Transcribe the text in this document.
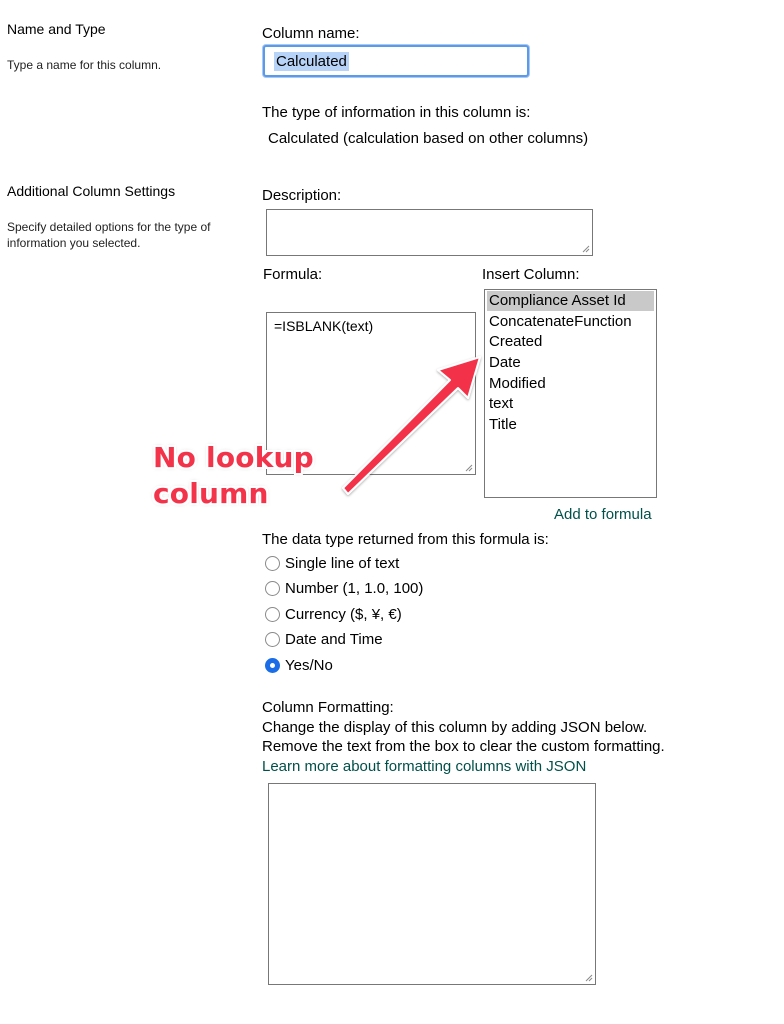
Name and Type
Type a name for this column.
Additional Column Settings
Specify detailed options for the type of
information you selected.
Column name:
Calculated
The type of information in this column is:
Calculated (calculation based on other columns)
Description:
Formula:
=ISBLANK(text)
Insert Column:
Compliance Asset Id
ConcatenateFunction
Created
Date
Modified
text
Title
Add to formula
No lookup
column
The data type returned from this formula is:
Single line of text
Number (1, 1.0, 100)
Currency ($, ¥, €)
Date and Time
Yes/No
Column Formatting:
Change the display of this column by adding JSON below.
Remove the text from the box to clear the custom formatting.
Learn more about formatting columns with JSON
